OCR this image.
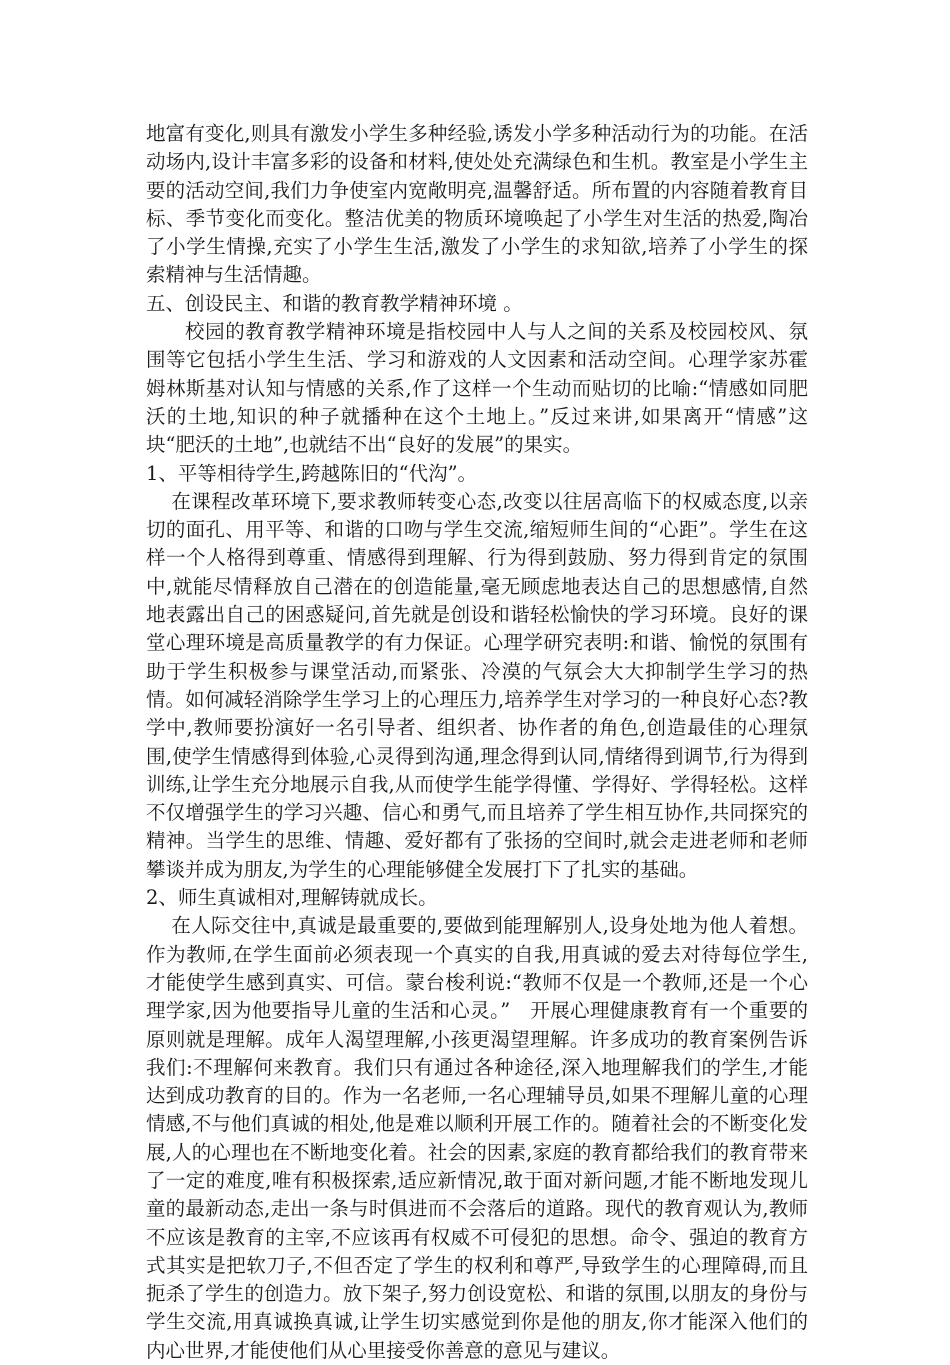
地富有变化,则具有激发小学生多种经验,诱发小学多种活动行为的功能。在活动场内,设计丰富多彩的设备和材料,使处处充满绿色和生机。教室是小学生主要的活动空间,我们力争使室内宽敞明亮,温馨舒适。所布置的内容随着教育目标、季节变化而变化。整洁优美的物质环境唤起了小学生对生活的热爱,陶冶了小学生情操,充实了小学生生活,激发了小学生的求知欲,培养了小学生的探索精神与生活情趣。

五、创设民主、和谐的教育教学精神环境 。

校园的教育教学精神环境是指校园中人与人之间的关系及校园校风、氛围等它包括小学生生活、学习和游戏的人文因素和活动空间。心理学家苏霍姆林斯基对认知与情感的关系,作了这样一个生动而贴切的比喻:“情感如同肥沃的土地,知识的种子就播种在这个土地上。”反过来讲,如果离开“情感”这块“肥沃的土地”,也就结不出“良好的发展”的果实。

1、平等相待学生,跨越陈旧的“代沟”。

在课程改革环境下,要求教师转变心态,改变以往居高临下的权威态度,以亲切的面孔、用平等、和谐的口吻与学生交流,缩短师生间的“心距”。学生在这样一个人格得到尊重、情感得到理解、行为得到鼓励、努力得到肯定的氛围中,就能尽情释放自己潜在的创造能量,毫无顾虑地表达自己的思想感情,自然地表露出自己的困惑疑问,首先就是创设和谐轻松愉快的学习环境。良好的课堂心理环境是高质量教学的有力保证。心理学研究表明:和谐、愉悦的氛围有助于学生积极参与课堂活动,而紧张、冷漠的气氛会大大抑制学生学习的热情。如何减轻消除学生学习上的心理压力,培养学生对学习的一种良好心态?教学中,教师要扮演好一名引导者、组织者、协作者的角色,创造最佳的心理氛围,使学生情感得到体验,心灵得到沟通,理念得到认同,情绪得到调节,行为得到训练,让学生充分地展示自我,从而使学生能学得懂、学得好、学得轻松。这样不仅增强学生的学习兴趣、信心和勇气,而且培养了学生相互协作,共同探究的精神。当学生的思维、情趣、爱好都有了张扬的空间时,就会走进老师和老师攀谈并成为朋友,为学生的心理能够健全发展打下了扎实的基础。

2、师生真诚相对,理解铸就成长。

在人际交往中,真诚是最重要的,要做到能理解别人,设身处地为他人着想。作为教师,在学生面前必须表现一个真实的自我,用真诚的爱去对待每位学生,才能使学生感到真实、可信。蒙台梭利说:“教师不仅是一个教师,还是一个心理学家,因为他要指导儿童的生活和心灵。”　开展心理健康教育有一个重要的原则就是理解。成年人渴望理解,小孩更渴望理解。许多成功的教育案例告诉我们:不理解何来教育。我们只有通过各种途径,深入地理解我们的学生,才能达到成功教育的目的。作为一名老师,一名心理辅导员,如果不理解儿童的心理情感,不与他们真诚的相处,他是难以顺利开展工作的。随着社会的不断变化发展,人的心理也在不断地变化着。社会的因素,家庭的教育都给我们的教育带来了一定的难度,唯有积极探索,适应新情况,敢于面对新问题,才能不断地发现儿童的最新动态,走出一条与时俱进而不会落后的道路。现代的教育观认为,教师不应该是教育的主宰,不应该再有权威不可侵犯的思想。命令、强迫的教育方式其实是把软刀子,不但否定了学生的权利和尊严,导致学生的心理障碍,而且扼杀了学生的创造力。放下架子,努力创设宽松、和谐的氛围,以朋友的身份与学生交流,用真诚换真诚,让学生切实感觉到你是他的朋友,你才能深入他们的内心世界,才能使他们从心里接受你善意的意见与建议。
